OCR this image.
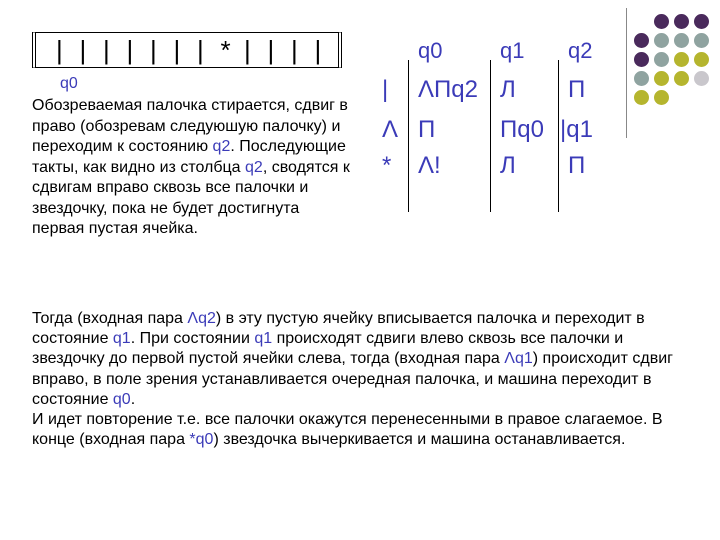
| | | | | | | * | | | |
q0
Обозреваемая палочка стирается, сдвиг в право (обозревам следуюшую палочку) и переходим к состоянию q2. Последующие такты, как видно из столбца q2, сводятся к сдвигам вправо сквозь все палочки и звездочку, пока не будет достигнута первая пустая ячейка.
q0	q1 q2
| ΛПq2 Л П
Λ П	Пq0 |q1
* Λ! Л П
Тогда (входная пара Λq2) в эту пустую ячейку вписывается палочка и переходит в состояние q1. При состоянии q1 происходят сдвиги влево сквозь все палочки и звездочку до первой пустой ячейки слева, тогда (входная пара Λq1) происходит сдвиг вправо, в поле зрения устанавливается очередная палочка, и машина переходит в состояние q0.
И идет повторение т.е. все палочки окажутся перенесенными в правое слагаемое. В конце (входная пара *q0) звездочка вычеркивается и машина останавливается.
